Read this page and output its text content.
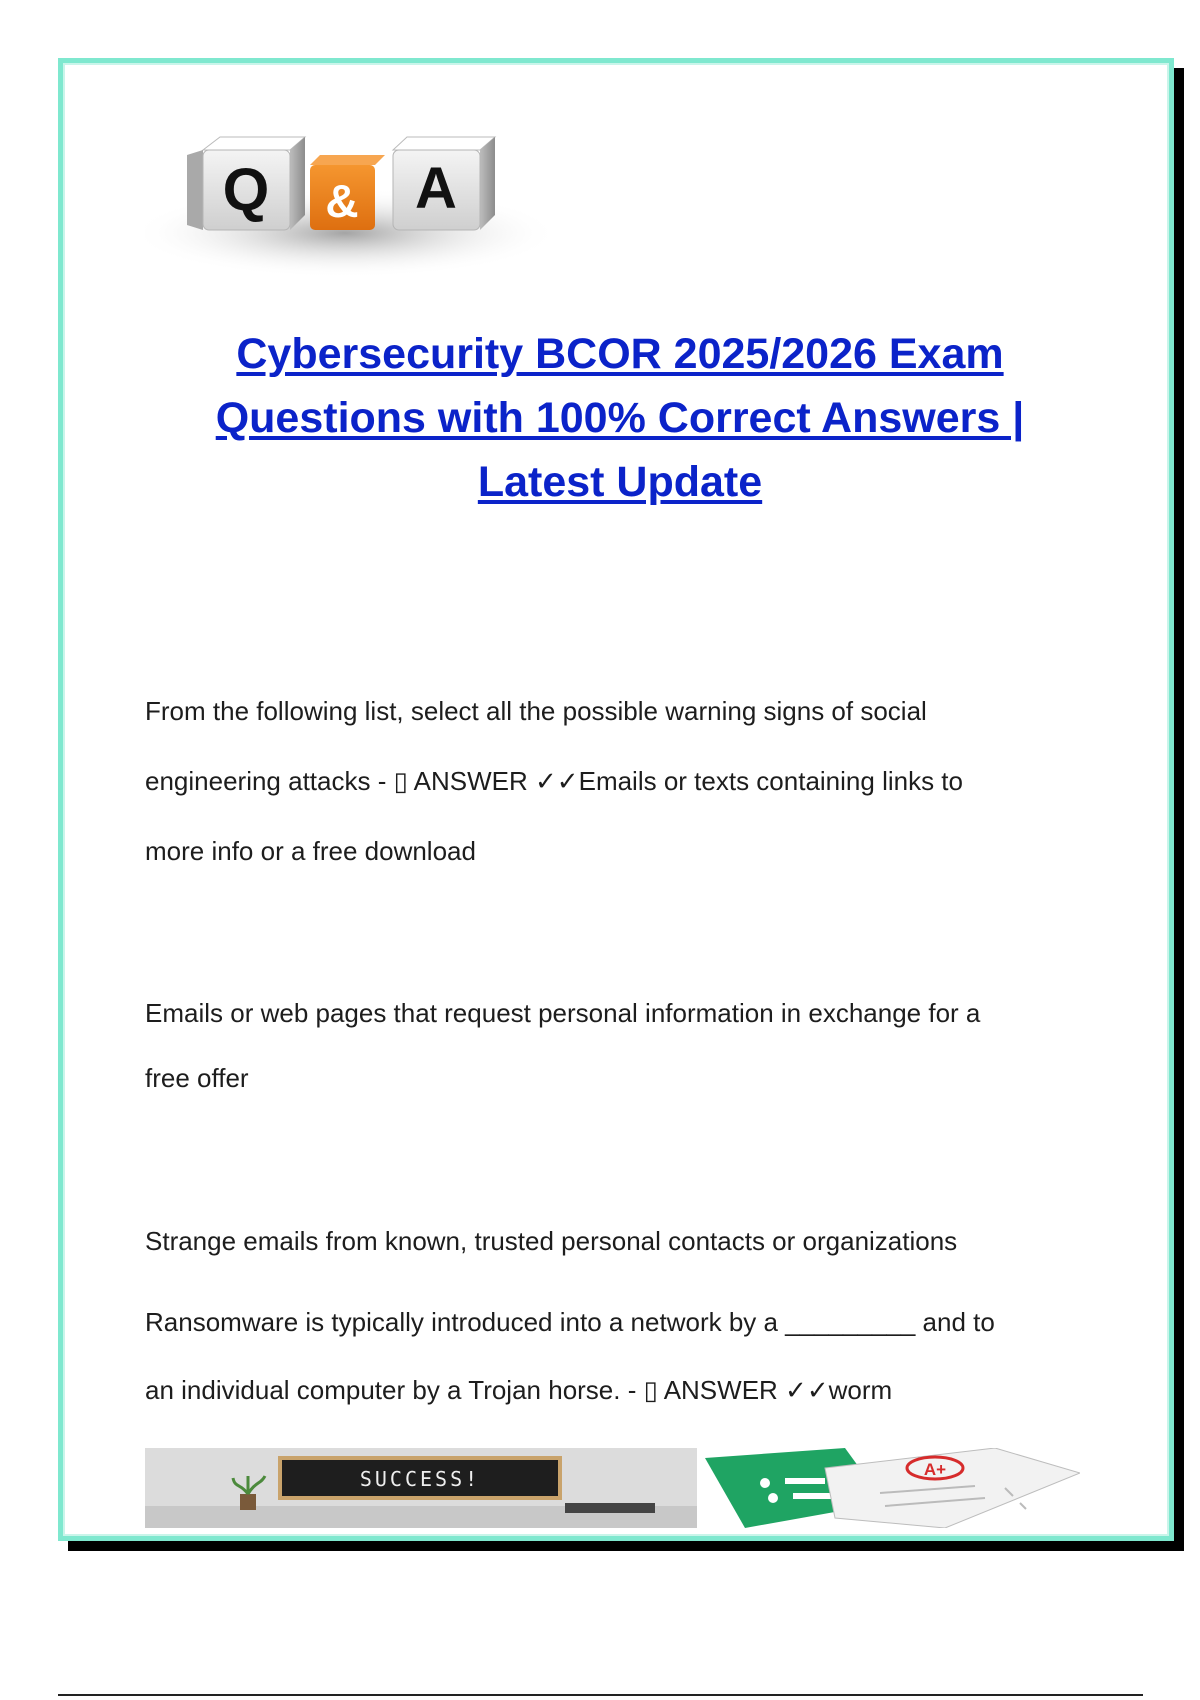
Q & A
Cybersecurity BCOR 2025/2026 Exam
Questions with 100% Correct Answers |
Latest Update

From the following list, select all the possible warning signs of social

engineering attacks - ▯ ANSWER ✓✓Emails or texts containing links to

more info or a free download

Emails or web pages that request personal information in exchange for a

free offer

Strange emails from known, trusted personal contacts or organizations

Ransomware is typically introduced into a network by a _________ and to

an individual computer by a Trojan horse. - ▯ ANSWER ✓✓worm

SUCCESS!	A+
